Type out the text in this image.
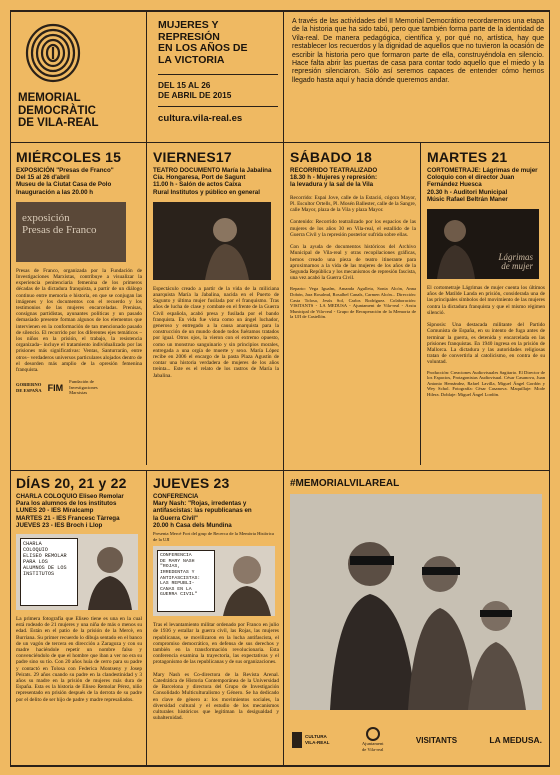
MEMORIAL
DEMOCRÀTIC
DE VILA-REAL
MUJERES Y REPRESIÓN
EN LOS AÑOS DE
LA VICTORIA
DEL 15 AL 26
DE ABRIL DE 2015
cultura.vila-real.es
A través de las actividades del II Memorial Democrático recordaremos una etapa de la historia que ha sido tabú, pero que también forma parte de la identidad de Vila-real. De manera pedagógica, científica y, por qué no, artística, hay que restablecer los recuerdos y la dignidad de aquellos que no tuvieron la ocasión de escribir la historia pero que formaron parte de ella, construyéndola en silencio. Hace falta abrir las puertas de casa para contar todo aquello que el miedo y la represión silenciaron. Sólo así seremos capaces de entender cómo hemos llegado hasta aquí y hacia dónde queremos andar.
MIÉRCOLES 15
EXPOSICIÓN "Presas de Franco"
Del 15 al 26 d'abril
Museu de la Ciutat Casa de Polo
Inauguración a las 20.00 h
exposición
Presas de Franco
Presas de Franco, organizada por la Fundación de Investigaciones Marxistas, contribuye a visualizar la experiencia penitenciaria femenina de los primeros décadas de la dictadura franquista, a partir de un diálogo continuo entre memoria e historia, en que se conjugan las imágenes y los documentos con el recuerdo y los testimonios de las mujeres encarceladas. Prenisas, consignas partidistas, ayunantes políticas y un pasado demasiado presente forman algunos de los elementos que intervienen en la conformación de tan mencionado pasado de silencio. El recorrido por los diferentes ejes temáticos –los niños en la prisión, el trabajo, la resistencia organizada– incluye el tratamiento individualizado por las prisiones más significativas: Ventas, Santurrarán, entre otros– verdaderos universos particulares alojados dentro de el desorden más amplio de la opresión femenina franquista.
GOBIERNO
DE ESPAÑA FIM
Fundación de
Investigaciones
Marxistas
VIERNES17
TEATRO DOCUMENTO María la Jabalina
Cía. Hongaresa, Port de Sagunt
11.00 h - Salón de actos Caixa
Rural Institutos y público en general
Espectáculo creado a partir de la vida de la miliciana anarquista María la Jabalina, nacida en el Puerto de Sagunto y última mujer fusilada por el franquismo. Tras años de lucha de clase y combate en el frente de la Guerra Civil española, acabó presa y fusilada por el bando franquista. En vida fue vista como un ángel luchador, generoso y entregado a la causa anarquista para la construcción de un mundo donde todos fuéramos tratados por igual. Otros ojos, la vieron con el extremo opuesto, como un monstruo sanguinario y sin principios morales, entregada a una orgía de muerte y sexo. María López recibe en 2006 el encargo de la pasta Plaza Agustín de contar una historia verdadera de mujeres de los años treinta... Este es el relato de los rastros de María la Jabalina.
SÁBADO 18
RECORRIDO TEATRALIZADO
18.30 h - Mujeres y represión:
la levadura y la sal de la Vila
Recorrido: Espai Jove, calle de la Estació, cógora Mayor, Pl. Escultor Ortells, Pl. Mosén Ballester, calle de la Sangre, calle Mayor, plaza de la Vila y plaza Mayor.

Contenido: Recorrido teatralizado por los espacios de las mujeres de los años 30 en Vila-real, el estallido de la Guerra Civil y la represión posterior sufrida sobre ellas.

Con la ayuda de documentos históricos del Archivo Municipal de Vila-real y otras recopilaciones gráficas, hemos creado una pieza de teatro itinerante para aproximarnos a la vida de las mujeres de los años de la Segunda República y los mecanismos de represión fascista, una vez acabó la Guerra Civil.
Reparto: Vega Igualm, Amanda Agulleta, Sonia Alcón, Anna Dobón, Jara Rosalmd, Rosalbel Canals, Carmen Alcón... Dirección: Casta Tolosa, Jesús Sol, Carlos Rodríguez. Colaboración: VISITANTS - LA MEDUSA - Ajuntament de Vila-real - Arxiu Municipal de Vila-real - Grupo de Recuperación de la Memoria de la UJI de Castellón.
MARTES 21
CORTOMETRAJE: Lágrimas de mujer
Coloquio con el director Juan
Fernández Huesca
20.30 h - Auditori Municipal
Músic Rafael Beltrán Maner
Lágrimas
de mujer
El cortometraje Lágrimas de mujer cuenta los últimos años de Matilde Landa en prisión, considerada una de las principales símbolos del movimiento de las mujeres contra la dictadura franquista y que el mismo régimen silenció.

Sipnosis: Una destacada militante del Partido Comunista de España, en su intento de fuga antes de terminar la guerra, es detenida y encarcelada en las prisiones franquistas. En 1940 ingresa en la prisión de Mallorca. La dictadura y las autoridades religiosas tratan de convertirla al catolicismo, en contra de su voluntad.
Producción: Creaciones Audiovisuales Sagitario. El Director de los Espacios, Protagonistas Audiovisual. César Casanova, Juan Antonio Hernández, Rafael Lavilla, Miguel Ángel Gordón y Wey Schol. Fotografía: César Casanova. Maquillaje: Mode Hilera. Doblaje: Miguel Ángel Lordón.
DÍAS 20, 21 y 22
CHARLA COLOQUIO Eliseo Remolar
Para los alumnos de los institutos
LUNES 20 - IES Miralcamp
MARTES 21 - IES Francesc Tàrrega
JUEVES 23 - IES Broch i Llop
CHARLA
COLOQUIO
ELISEO REMOLAR
PARA LOS
ALUMNOS DE LOS
INSTITUTOS
La primera fotografía que Eliseo tiene es una en la cual está rodeado de 21 mujeres y una niña de más o menos su edad. Están en el patio de la prisión de la Mercè, en Burriana. Su primer recuerdo lo dibuja sentado en el banco de un vagón de tercera en dirección a Zaragoza y con su madre haciéndole repetir un nombre falso y convenciéndolo de que el hombre que iban a ver no era su padre sino su tío. Con 20 años huía de cerro para su padre y contactó en Tolosa con Federica Montseny y Josep Peirats. 29 años cuando su padre en la clandestinidad y 3 años su madre en la prisión de mujeres más dura de España. Esta es la historia de Eliseo Remolar Pérez, niño representado en prisión después de la derrota de su padre por el delito de ser hijo de padre y madre represaliados.
JUEVES 23
CONFERENCIA
Mary Nash: "Rojas, irredentas y
antifascistas: las republicanas en
la Guerra Civil"
20.00 h Casa dels Mundina
Presenta Mercè Fort del grup de Recerca de la Memòria Històrica de la UJI
CONFERENCIA
DE MARY NASH
"ROJAS,
IRREDENTAS Y
ANTIFASCISTAS:
LAS REPUBLI-
CANAS EN LA
GUERRA CIVIL"
Tras el levantamiento militar ordenado por Franco en julio de 1936 y estallar la guerra civil, las Rojas, las mujeres republicanas, se movilizaron en la lucha antifascista, el compromiso democrático, en defensa de sus derechos y también en la transformación revolucionaria. Esta conferencia examina la trayectoria, las expectativas y el protagonismo de las republicanas y de sus organizaciones.

Mary Nash es Co-directora de la Revista Arenal. Catedrática de Historia Contemporánea de la Universidad de Barcelona y directora del Grupo de Investigación Consolidado Multiculturalismo y Género. Se ha dedicado en clave de género a: los movimientos sociales, la diversidad cultural y el estudio de los mecanismos culturales históricos que legitiman la desigualdad y subalternidad.
#MEMORIALVILAREAL
CULTURA
VILA-REAL	Ajuntament
de Vila-real
VISITANTS	LA MEDUSA.
